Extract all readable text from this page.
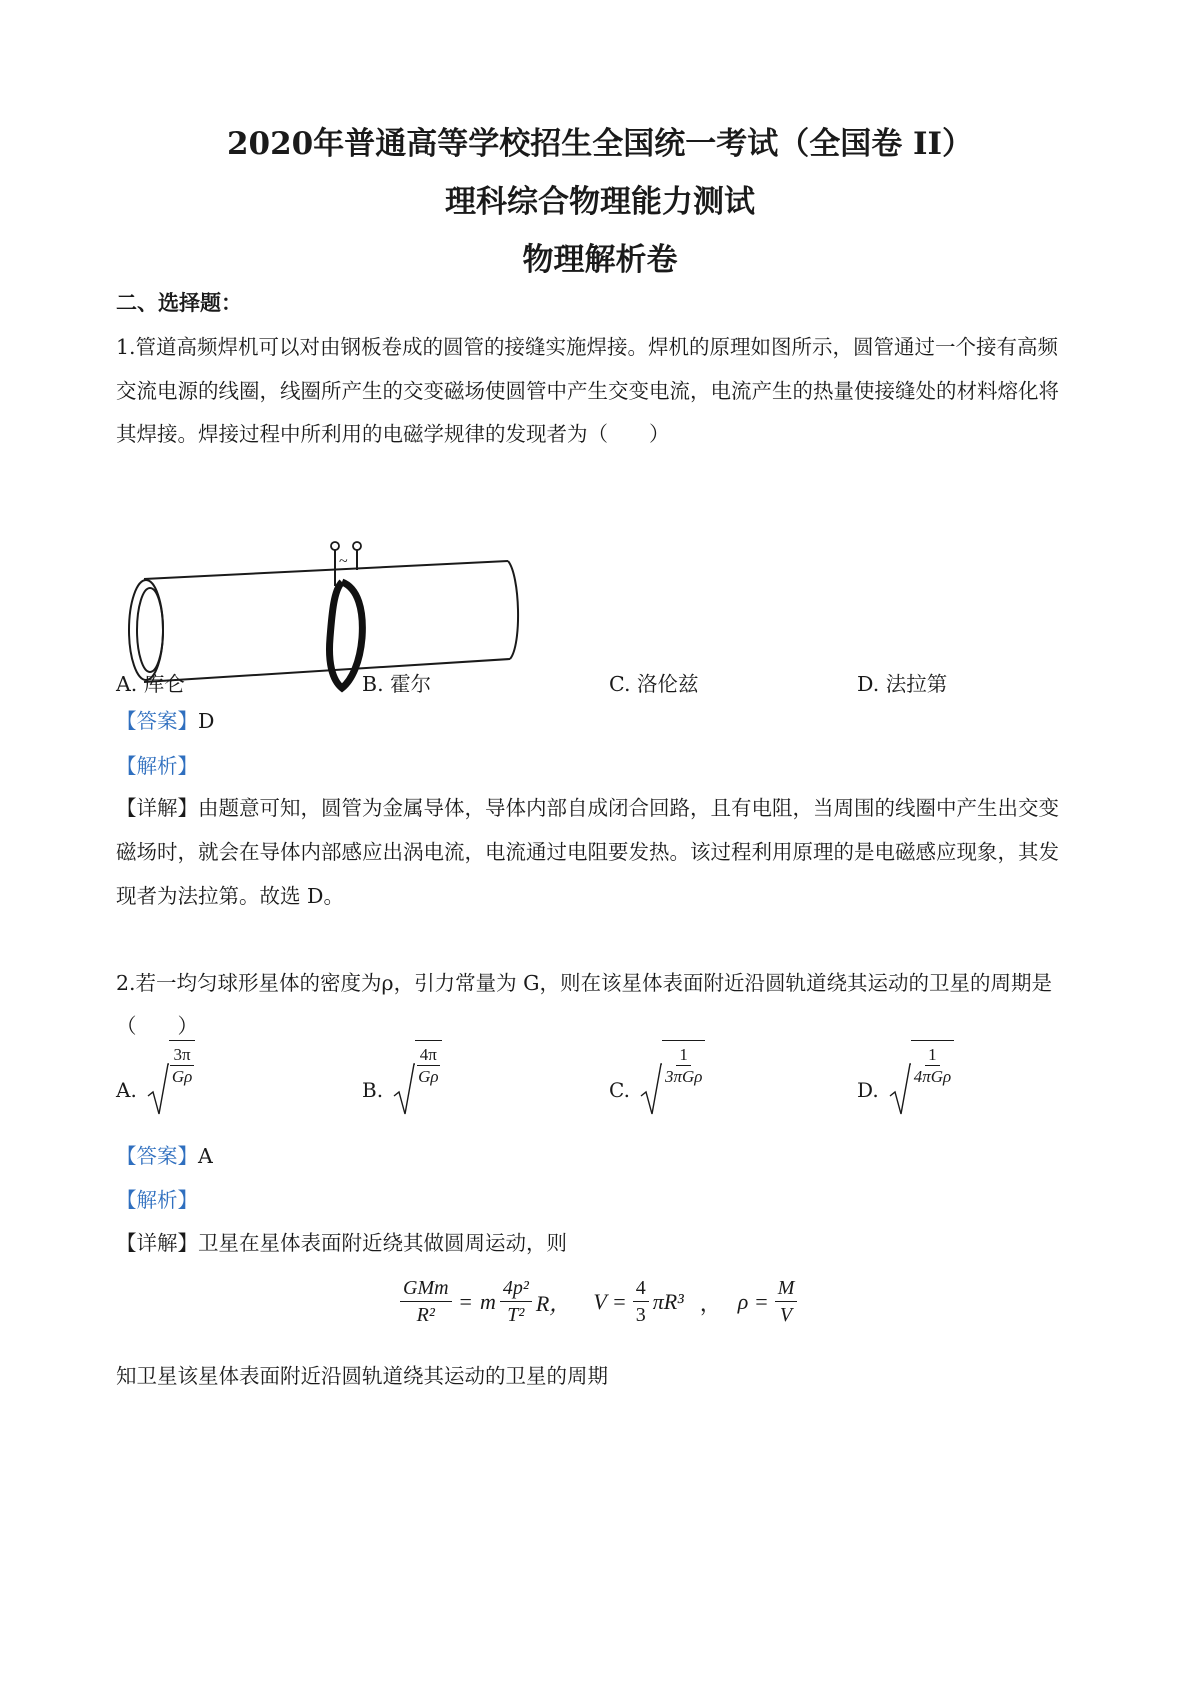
2020年普通高等学校招生全国统一考试（全国卷 II）
理科综合物理能力测试
物理解析卷
二、选择题：
1.管道高频焊机可以对由钢板卷成的圆管的接缝实施焊接。焊机的原理如图所示，圆管通过一个接有高频
交流电源的线圈，线圈所产生的交变磁场使圆管中产生交变电流，电流产生的热量使接缝处的材料熔化将
其焊接。焊接过程中所利用的电磁学规律的发现者为（　　）
~
A. 库仑	B. 霍尔	C. 洛伦兹	D. 法拉第
【答案】D
【解析】
【详解】由题意可知，圆管为金属导体，导体内部自成闭合回路，且有电阻，当周围的线圈中产生出交变
磁场时，就会在导体内部感应出涡电流，电流通过电阻要发热。该过程利用原理的是电磁感应现象，其发
现者为法拉第。故选 D。
2.若一均匀球形星体的密度为ρ，引力常量为 G，则在该星体表面附近沿圆轨道绕其运动的卫星的周期是
（　　）
A.
$\frac{3\pi}{G\rho}$
B.
$\frac{4\pi}{G\rho}$
C.
$\frac{1}{\text{3πGρ}}$
D.
$\frac{1}{\text{4πGρ}}$
【答案】A
【解析】
【详解】卫星在星体表面附近绕其做圆周运动，则
$\frac{\text{GMm}}{\text{R²}} = m \frac{\text{4p²}}{\text{T²}}$ R， $V = \frac{4}{3} \pi R^3$ ， $\rho = \frac{M}{V}$
知卫星该星体表面附近沿圆轨道绕其运动的卫星的周期
